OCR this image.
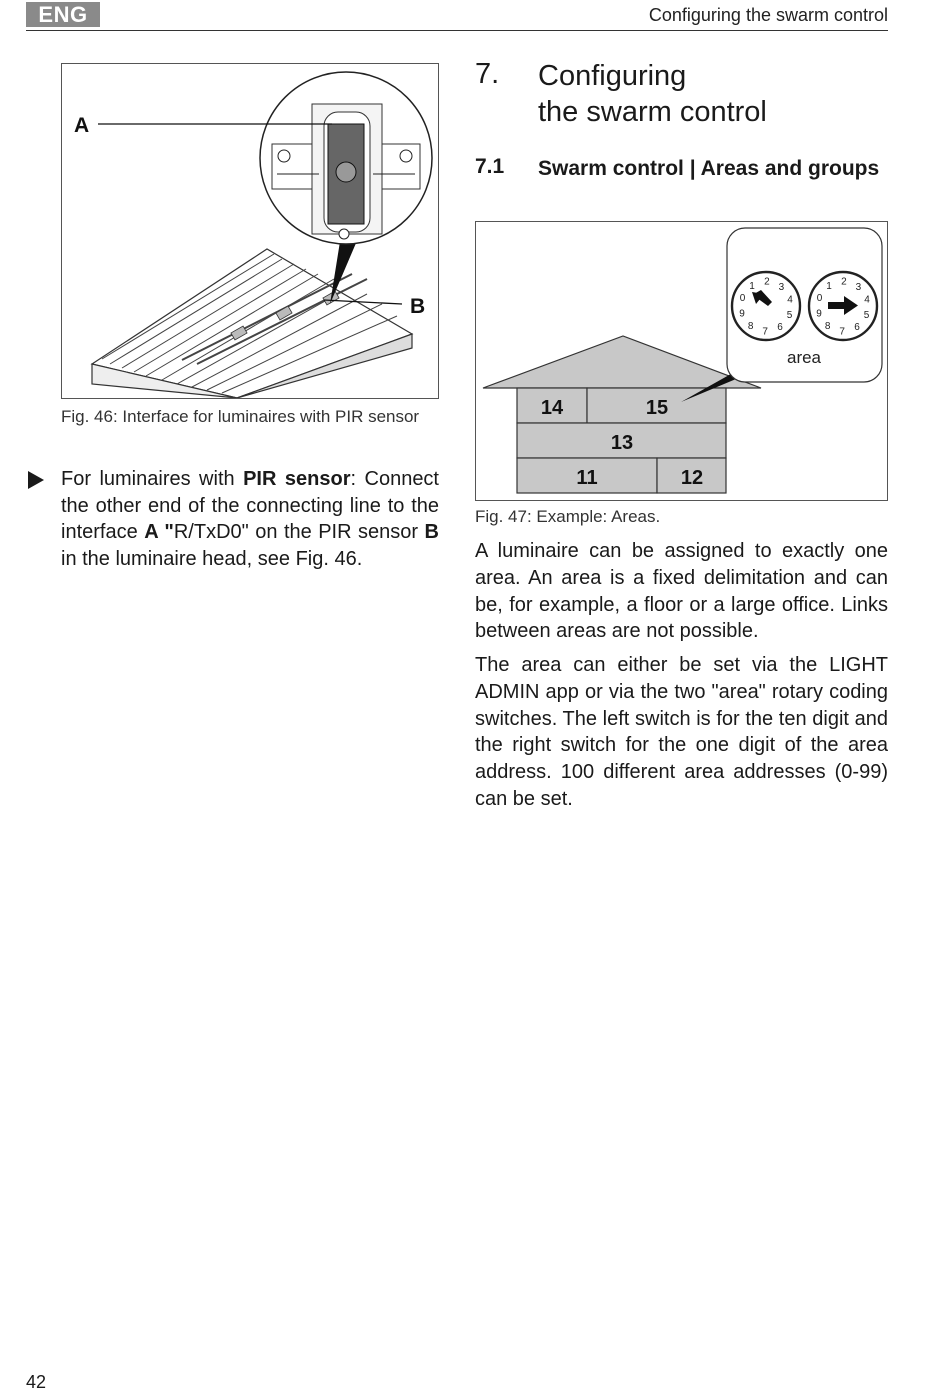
ENG	Configuring the swarm control
A
B
Fig. 46: Interface for luminaires with PIR sensor
For luminaires with PIR sensor: Connect the other end of the connecting line to the interface A "R/TxD0" on the PIR sensor B in the luminaire head, see Fig. 46.
7. Configuring
the swarm control
7.1 Swarm control | Areas and groups
14	15
13
11	12
0
1 2 3
4
5
6
7
8
9
0
1 2 3
4
5
6
7
8
9
area
Fig. 47: Example: Areas.

A luminaire can be assigned to exactly one area. An area is a fixed delimitation and can be, for example, a floor or a large office. Links between areas are not possible.

The area can either be set via the LIGHT ADMIN app or via the two "area" rotary coding switches. The left switch is for the ten digit and the right switch for the one digit of the area address. 100 different area addresses (0-99) can be set.

42
